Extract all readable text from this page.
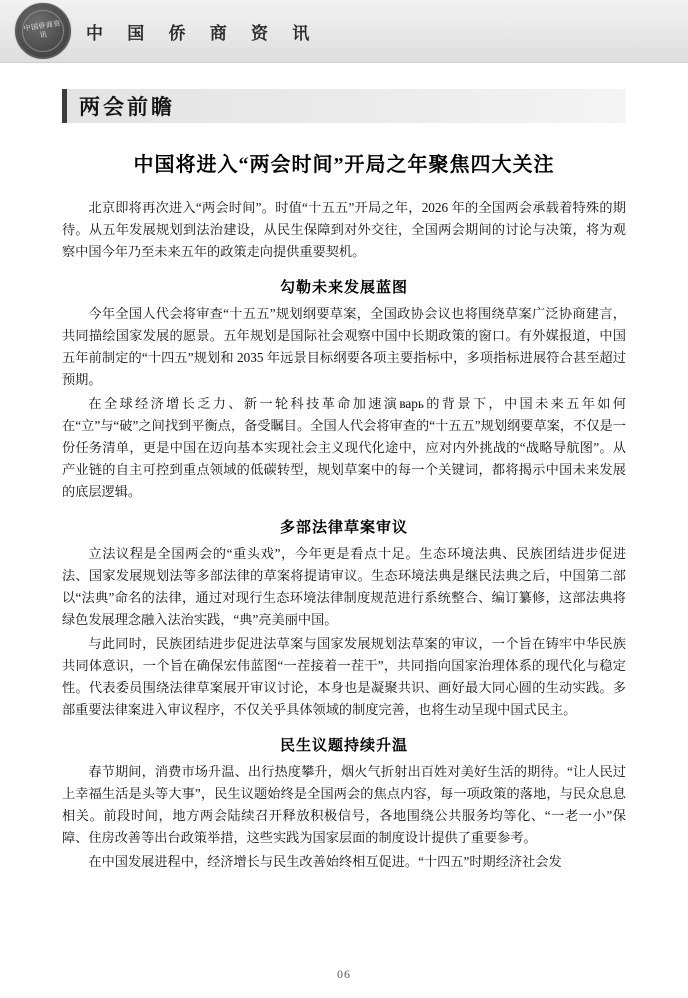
中国侨商资讯	中 国 侨 商 资 讯
两会前瞻
中国将进入“两会时间”开局之年聚焦四大关注

北京即将再次进入“两会时间”。时值“十五五”开局之年，2026 年的全国两会承载着特殊的期待。从五年发展规划到法治建设，从民生保障到对外交往，全国两会期间的讨论与决策，将为观察中国今年乃至未来五年的政策走向提供重要契机。

勾勒未来发展蓝图

今年全国人代会将审查“十五五”规划纲要草案，全国政协会议也将围绕草案广泛协商建言，共同描绘国家发展的愿景。五年规划是国际社会观察中国中长期政策的窗口。有外媒报道，中国五年前制定的“十四五”规划和 2035 年远景目标纲要各项主要指标中，多项指标进展符合甚至超过预期。

在全球经济增长乏力、新一轮科技革命加速演варь的背景下，中国未来五年如何在“立”与“破”之间找到平衡点，备受瞩目。全国人代会将审查的“十五五”规划纲要草案，不仅是一份任务清单，更是中国在迈向基本实现社会主义现代化途中，应对内外挑战的“战略导航图”。从产业链的自主可控到重点领域的低碳转型，规划草案中的每一个关键词，都将揭示中国未来发展的底层逻辑。

多部法律草案审议

立法议程是全国两会的“重头戏”，今年更是看点十足。生态环境法典、民族团结进步促进法、国家发展规划法等多部法律的草案将提请审议。生态环境法典是继民法典之后，中国第二部以“法典”命名的法律，通过对现行生态环境法律制度规范进行系统整合、编订纂修，这部法典将绿色发展理念融入法治实践，“典”亮美丽中国。

与此同时，民族团结进步促进法草案与国家发展规划法草案的审议，一个旨在铸牢中华民族共同体意识，一个旨在确保宏伟蓝图“一茬接着一茬干”，共同指向国家治理体系的现代化与稳定性。代表委员围绕法律草案展开审议讨论，本身也是凝聚共识、画好最大同心圆的生动实践。多部重要法律案进入审议程序，不仅关乎具体领域的制度完善，也将生动呈现中国式民主。

民生议题持续升温

春节期间，消费市场升温、出行热度攀升，烟火气折射出百姓对美好生活的期待。“让人民过上幸福生活是头等大事”，民生议题始终是全国两会的焦点内容，每一项政策的落地，与民众息息相关。前段时间，地方两会陆续召开释放积极信号，各地围绕公共服务均等化、“一老一小”保障、住房改善等出台政策举措，这些实践为国家层面的制度设计提供了重要参考。

在中国发展进程中，经济增长与民生改善始终相互促进。“十四五”时期经济社会发

06
